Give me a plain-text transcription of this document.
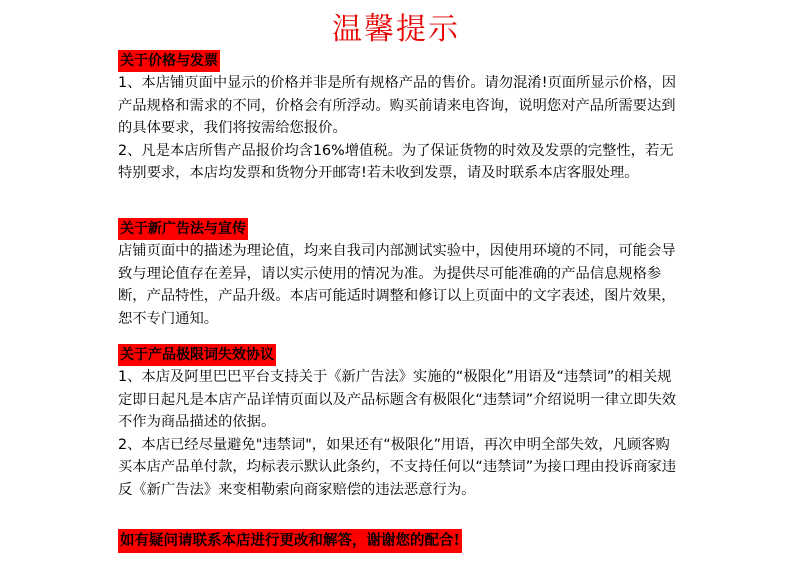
温馨提示
关于价格与发票
1、本店铺页面中显示的价格并非是所有规格产品的售价。请勿混淆!页面所显示价格，因产品规格和需求的不同，价格会有所浮动。购买前请来电咨询，说明您对产品所需要达到的具体要求，我们将按需给您报价。
2、凡是本店所售产品报价均含16%增值税。为了保证货物的时效及发票的完整性，若无特别要求，本店均发票和货物分开邮寄!若未收到发票，请及时联系本店客服处理。
关于新广告法与宣传
店铺页面中的描述为理论值，均来自我司内部测试实验中，因使用环境的不同，可能会导致与理论值存在差异，请以实示使用的情况为准。为提供尽可能准确的产品信息规格参断，产品特性，产品升级。本店可能适时调整和修订以上页面中的文字表述，图片效果，恕不专门通知。
关于产品极限词失效协议
1、本店及阿里巴巴平台支持关于《新广告法》实施的“极限化”用语及“违禁词”的相关规定即日起凡是本店产品详情页面以及产品标题含有极限化“违禁词”介绍说明一律立即失效不作为商品描述的依据。
2、本店已经尽量避免"违禁词"，如果还有“极限化”用语，再次申明全部失效，凡顾客购买本店产品单付款，均标表示默认此条约，不支持任何以“违禁词”为接口理由投诉商家违反《新广告法》来变相勒索向商家赔偿的违法恶意行为。
如有疑问请联系本店进行更改和解答，谢谢您的配合!
